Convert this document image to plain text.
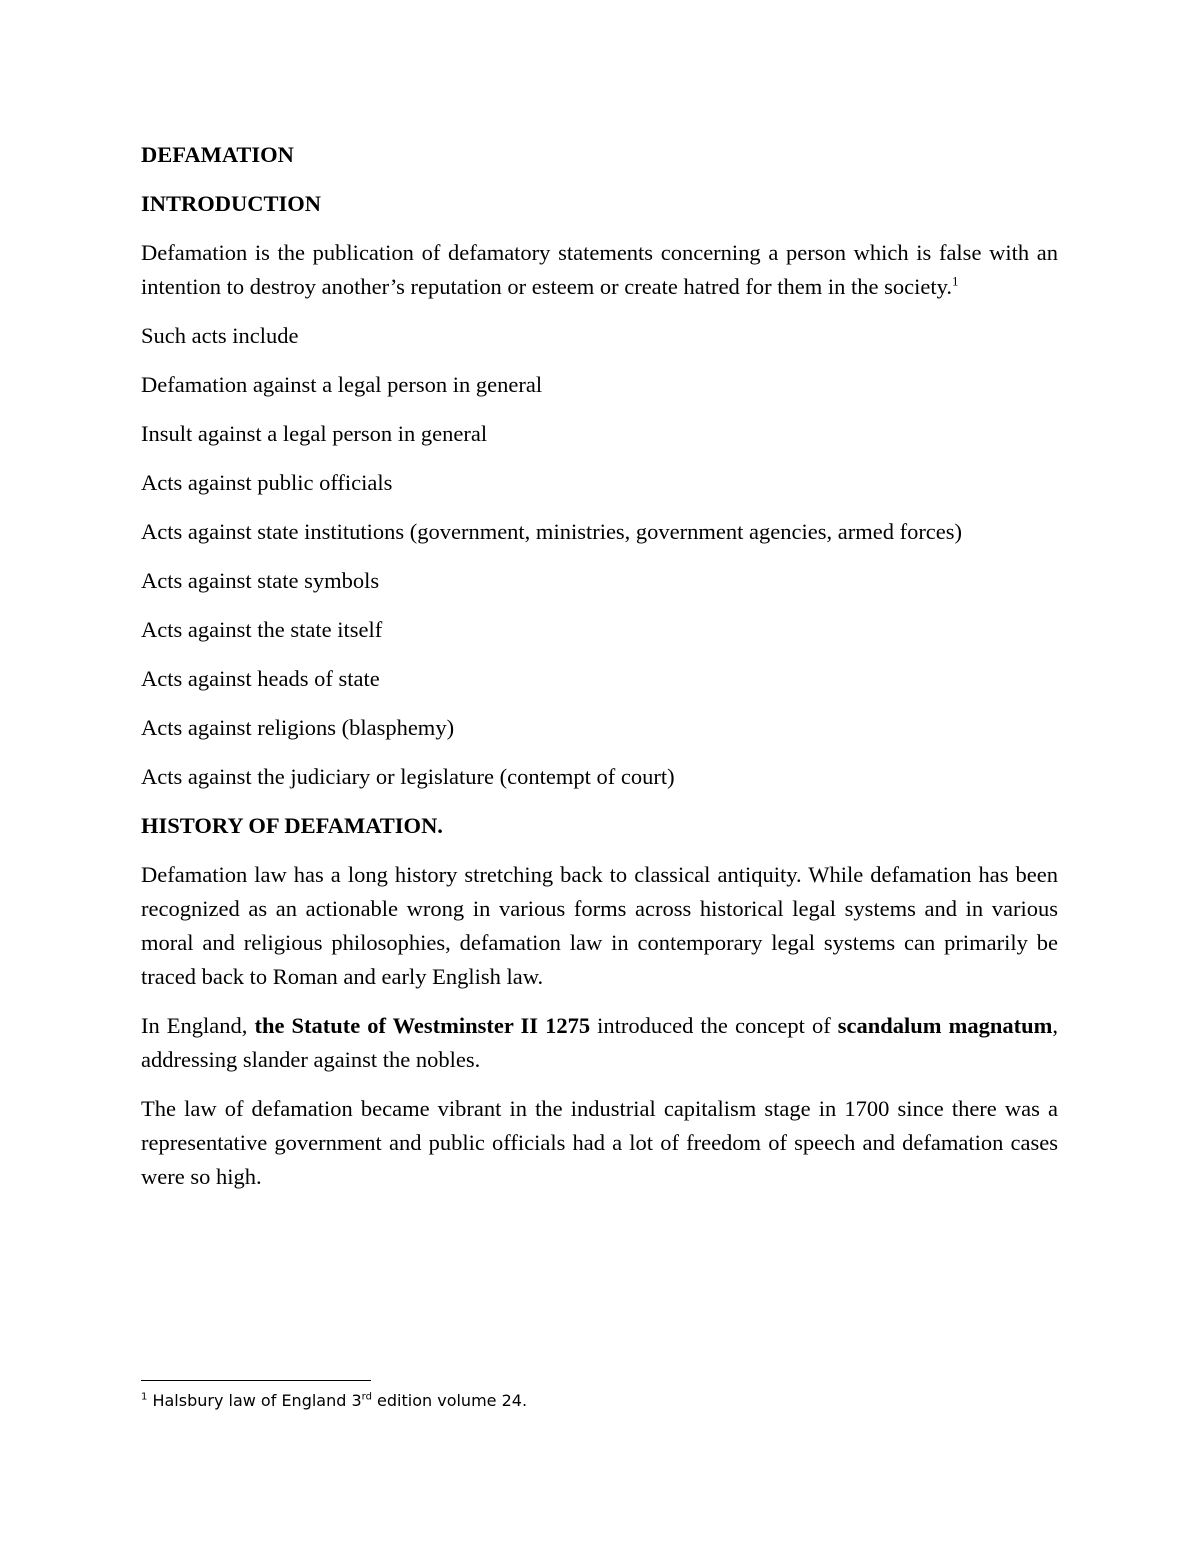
DEFAMATION

INTRODUCTION

Defamation is the publication of defamatory statements concerning a person which is false with an intention to destroy another’s reputation or esteem or create hatred for them in the society.$^1$

Such acts include

Defamation against a legal person in general

Insult against a legal person in general

Acts against public officials

Acts against state institutions (government, ministries, government agencies, armed forces)

Acts against state symbols

Acts against the state itself

Acts against heads of state

Acts against religions (blasphemy)

Acts against the judiciary or legislature (contempt of court)

HISTORY OF DEFAMATION.

Defamation law has a long history stretching back to classical antiquity. While defamation has been recognized as an actionable wrong in various forms across historical legal systems and in various moral and religious philosophies, defamation law in contemporary legal systems can primarily be traced back to Roman and early English law.

In England, the Statute of Westminster II 1275 introduced the concept of scandalum magnatum, addressing slander against the nobles.

The law of defamation became vibrant in the industrial capitalism stage in 1700 since there was a representative government and public officials had a lot of freedom of speech and defamation cases were so high.

$^1$ Halsbury law of England 3rd edition volume 24.
